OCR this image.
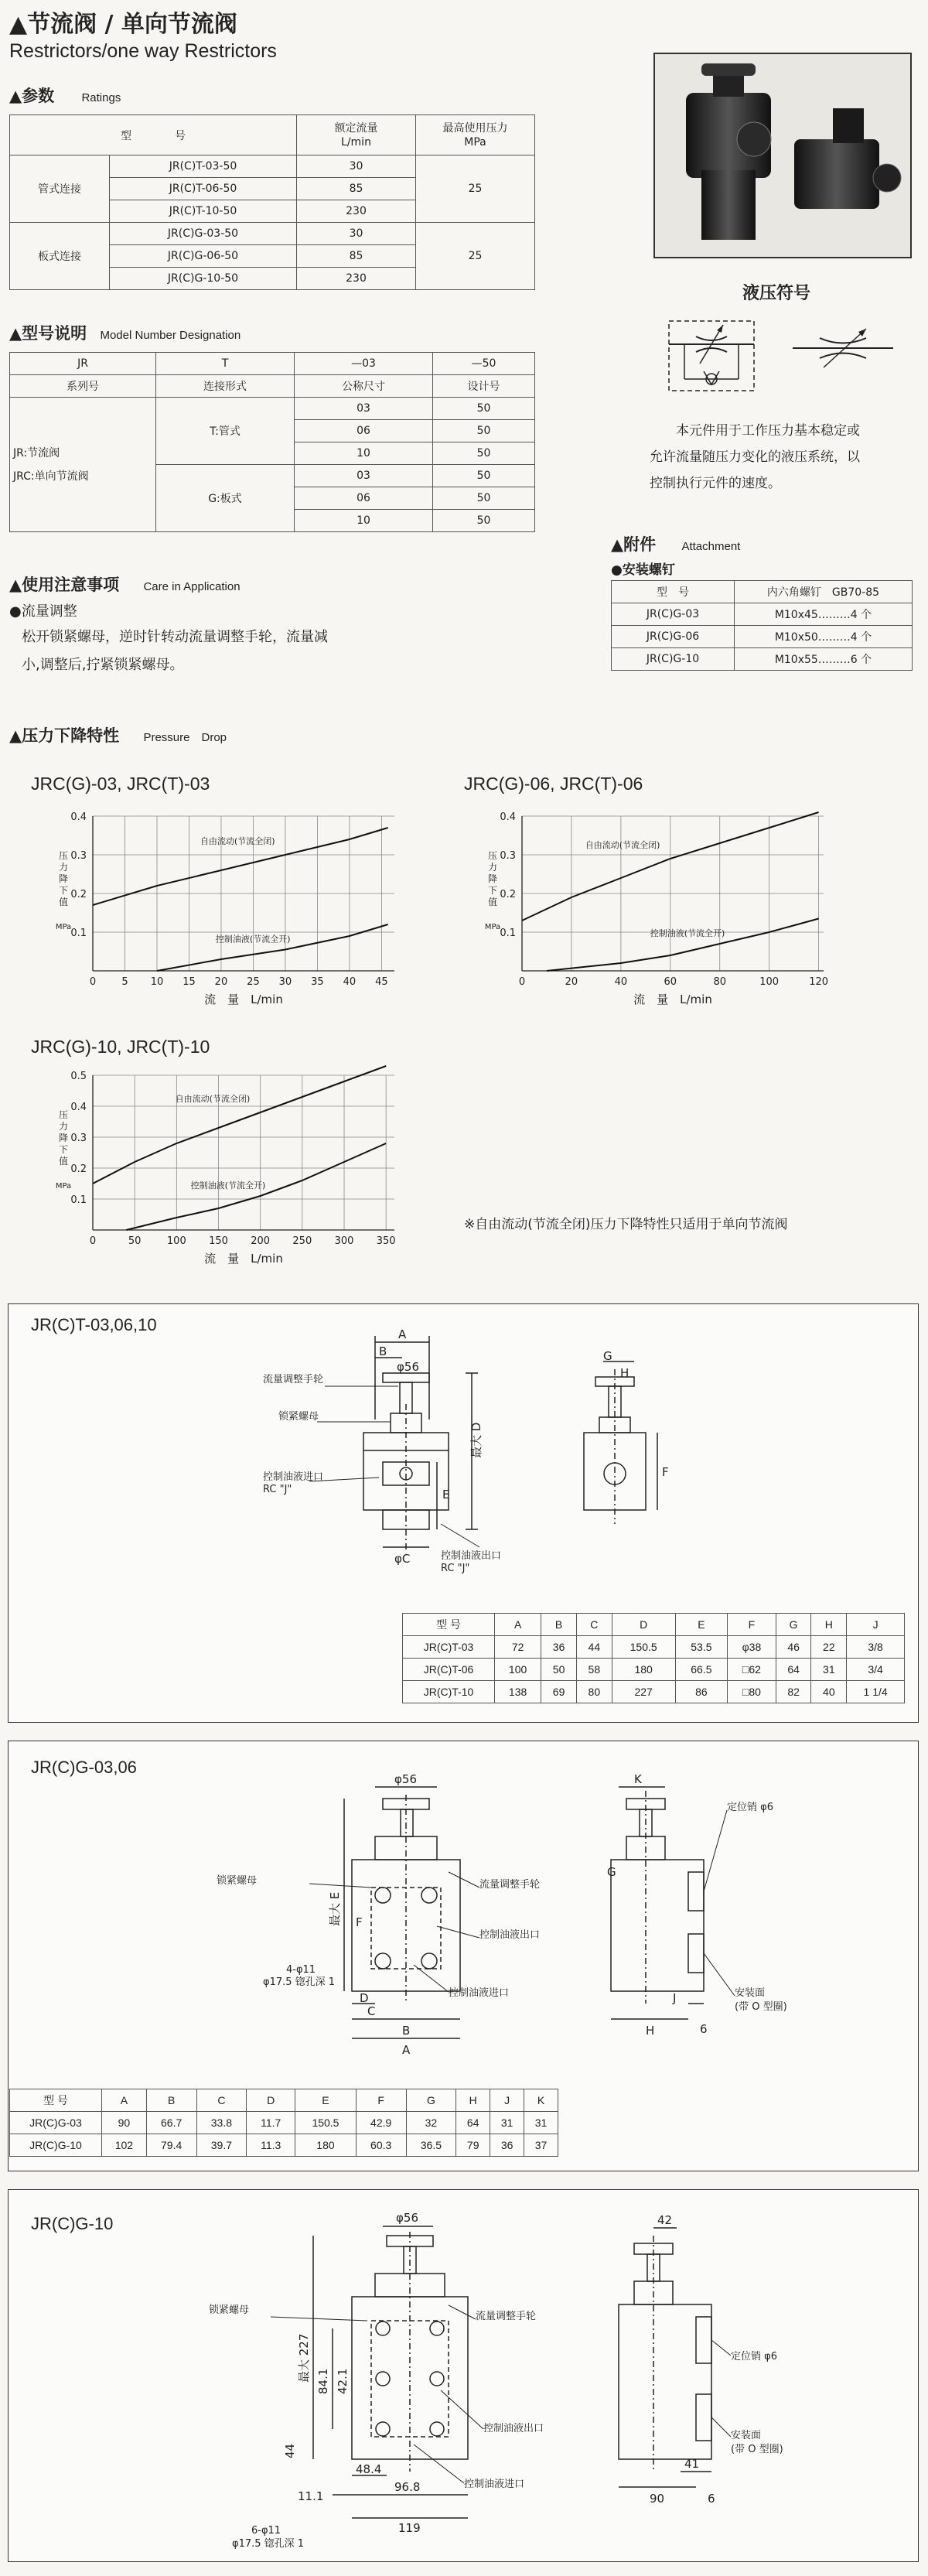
▲节流阀 / 单向节流阀
Restrictors/one way Restrictors
▲参数 Ratings
型　　　　号		额定流量
L/min	最高使用压力
MPa
管式连接	JR(C)T-03-50	30	25
	JR(C)T-06-50	85	
	JR(C)T-10-50	230	
板式连接	JR(C)G-03-50	30	25
	JR(C)G-06-50	85	
	JR(C)G-10-50	230	
液压符号
本元件用于工作压力基本稳定或
允许流量随压力变化的液压系统，以
控制执行元件的速度。
▲型号说明 Model Number Designation
JR	T	—03	—50
系列号	连接形式	公称尺寸	设计号

JR:节流阀
JRC:单向节流阀	T:管式	03	50
		06	50
		10	50
	G:板式	03	50
		06	50
		10	50
▲附件 Attachment
●安装螺钉
型　号	内六角螺钉　GB70-85
JR(C)G-03	M10x45………4 个
JR(C)G-06	M10x50………4 个
JR(C)G-10	M10x55………6 个
▲使用注意事项 Care in Application
●流量调整
松开锁紧螺母，逆时针转动流量调整手轮，流量减
小,调整后,拧紧锁紧螺母。
▲压力下降特性 Pressure　Drop
JRC(G)-03, JRC(T)-03	JRC(G)-06, JRC(T)-06
JRC(G)-10, JRC(T)-10
0	5 10 15 20 25 30 35 40 45
0.1
0.2
0.3
0.4
压
力
降
下
值
MPa
流　量　L/min
自由流动(节流全闭)
控制油液(节流全开)
0	20	40	60	80	100	120
0.1
0.2
0.3
0.4
压
力
降
下
值
MPa
流　量　L/min
自由流动(节流全闭)
控制油液(节流全开)
0	50	100 150 200 250 300 350
0.1
0.2
0.3
0.4
0.5
压
力
降
下
值
MPa
流　量　L/min
自由流动(节流全闭)
控制油液(节流全开)
※自由流动(节流全闭)压力下降特性只适用于单向节流阀
JR(C)T-03,06,10	A
B
φ56
最大 D
E
φC
流量调整手轮
锁紧螺母
控制油液进口
RC "J"
控制油液出口
RC "J"
G
H
F
型 号	A	B	C	D	E	F	G	H	J
JR(C)T-03	72	36	44	150.5	53.5	φ38	46	22	3/8
JR(C)T-06	100	50	58	180	66.5	□62	64	31	3/4
JR(C)T-10	138	69	80	227	86	□80	82	40	1 1/4
JR(C)G-03,06
φ56
最大 E
C
D
B
A
F
锁紧螺母	流量调整手轮
控制油液出口
控制油液进口
4-φ11
φ17.5 锪孔深 1
K
G
J
H	6
定位销 φ6
安装面
(带 O 型圈)
型 号	A	B	C	D	E	F	G	H	J	K
JR(C)G-03	90	66.7	33.8	11.7	150.5	42.9	32	64	31	31
JR(C)G-10	102	79.4	39.7	11.3	180	60.3	36.5	79	36	37
JR(C)G-10	φ56
最大 227 84.1 42.1
44
48.4
11.1
96.8
119
锁紧螺母
流量调整手轮
控制油液出口
控制油液进口
6-φ11
φ17.5 锪孔深 1
42
41
90	6
定位销 φ6
安装面
(带 O 型圈)
